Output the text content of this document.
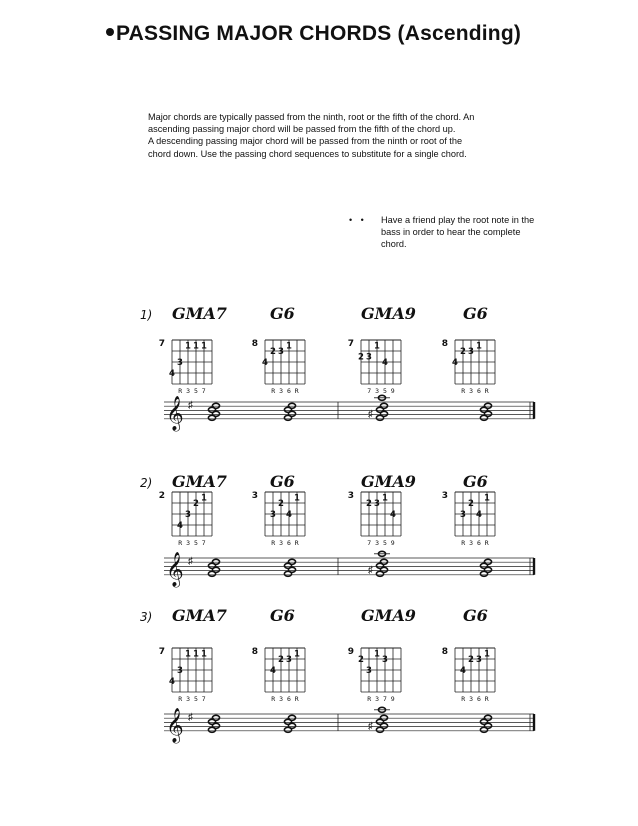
PASSING MAJOR CHORDS (Ascending)

Major chords are typically passed from the ninth, root or the fifth of the chord. An

ascending passing major chord will be passed from the fifth of the chord up.

A descending passing major chord will be passed from the ninth or root of the

chord down. Use the passing chord sequences to substitute for a single chord.

• • Have a friend play the root note in the
bass in order to hear the complete
chord.
1) GMA7
7
4
3
1 1 1
R 3 5 7
G6
8
4
2 3
1
R 3 6 R
GMA9
7
2 3
1
4
7 3 5 9
G6
8
4
2 3
1
R 3 6 R
𝄞 ♯
♯
2) GMA7
2
4
3
2
1
R 3 5 7
G6
3
3
2
4
1
R 3 6 R
GMA9
3
2 3
1
4
7 3 5 9
G6
3
3
2
4
1
R 3 6 R
𝄞 ♯
♯
3) GMA7
7
4
3
1 1 1
R 3 5 7
G6
8
4
2 3
1
R 3 6 R
GMA9
9
2
3
1
3
R 3 7 9
G6
8
4
2 3
1
R 3 6 R
𝄞 ♯
♯
